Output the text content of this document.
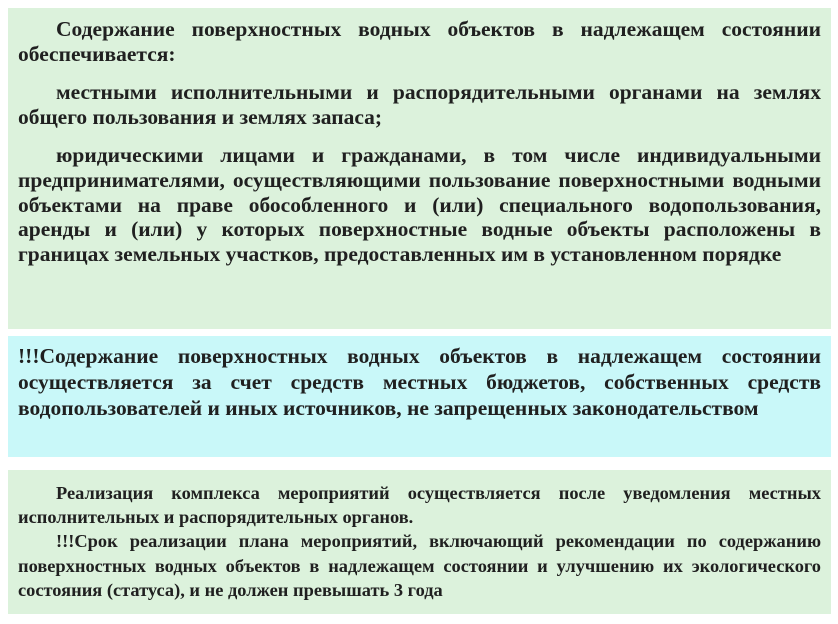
Содержание поверхностных водных объектов в надлежащем состоянии обеспечивается:

местными исполнительными и распорядительными органами на землях общего пользования и землях запаса;

юридическими лицами и гражданами, в том числе индивидуальными предпринимателями, осуществляющими пользование поверхностными водными объектами на праве обособленного и (или) специального водопользования, аренды и (или) у которых поверхностные водные объекты расположены в границах земельных участков, предоставленных им в установленном порядке

!!!Содержание поверхностных водных объектов в надлежащем состоянии осуществляется за счет средств местных бюджетов, собственных средств водопользователей и иных источников, не запрещенных законодательством

Реализация комплекса мероприятий осуществляется после уведомления местных исполнительных и распорядительных органов.

!!!Срок реализации плана мероприятий, включающий рекомендации по содержанию поверхностных водных объектов в надлежащем состоянии и улучшению их экологического состояния (статуса), и не должен превышать 3 года
